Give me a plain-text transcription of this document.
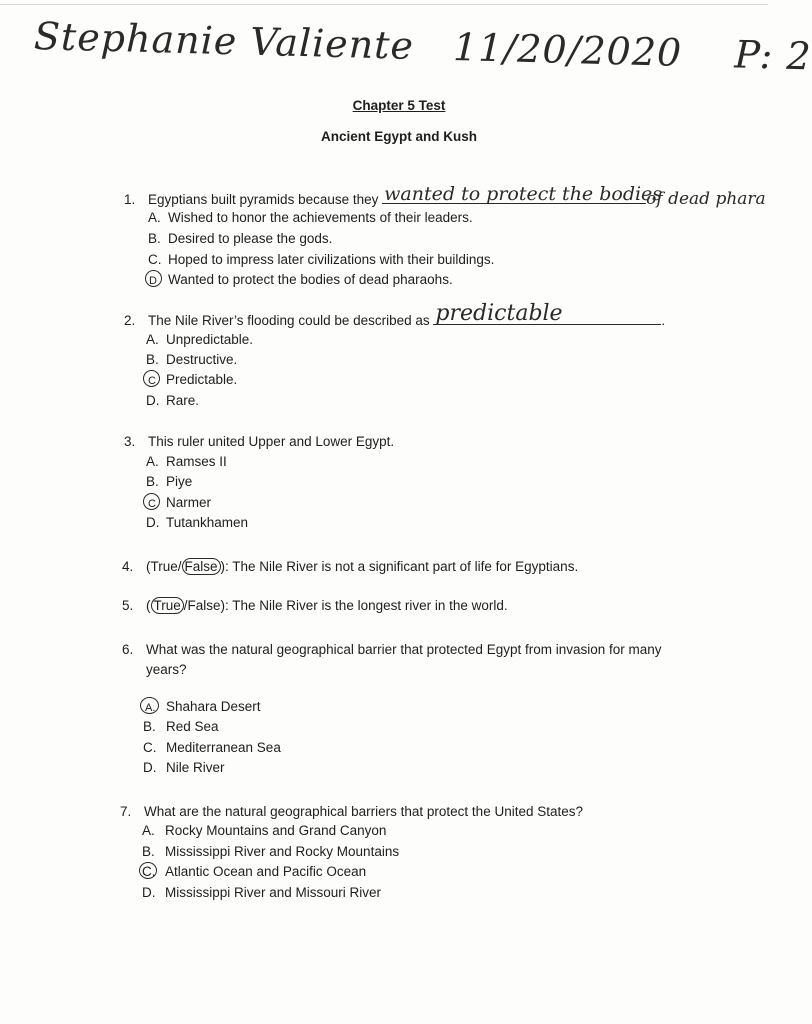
Stephanie Valiente 11/20/2020 P: 2
Chapter 5 Test
Ancient Egypt and Kush
1. Egyptians built pyramids because they wanted to protect the bodies
of dead phara
A. Wished to honor the achievements of their leaders.
B. Desired to please the gods.
C. Hoped to impress later civilizations with their buildings.
D Wanted to protect the bodies of dead pharaohs.
2. The Nile River’s flooding could be described as predictable	.
A. Unpredictable.
B. Destructive.
C Predictable.
D. Rare.
3. This ruler united Upper and Lower Egypt.
A. Ramses II
B. Piye
C Narmer
D. Tutankhamen
4. (True/ False ): The Nile River is not a significant part of life for Egyptians.
5. ( True /False): The Nile River is the longest river in the world.
6. What was the natural geographical barrier that protected Egypt from invasion for many
years?
A. Shahara Desert
B. Red Sea
C. Mediterranean Sea
D. Nile River
7. What are the natural geographical barriers that protect the United States?
A. Rocky Mountains and Grand Canyon
B. Mississippi River and Rocky Mountains
C. Atlantic Ocean and Pacific Ocean
D. Mississippi River and Missouri River
